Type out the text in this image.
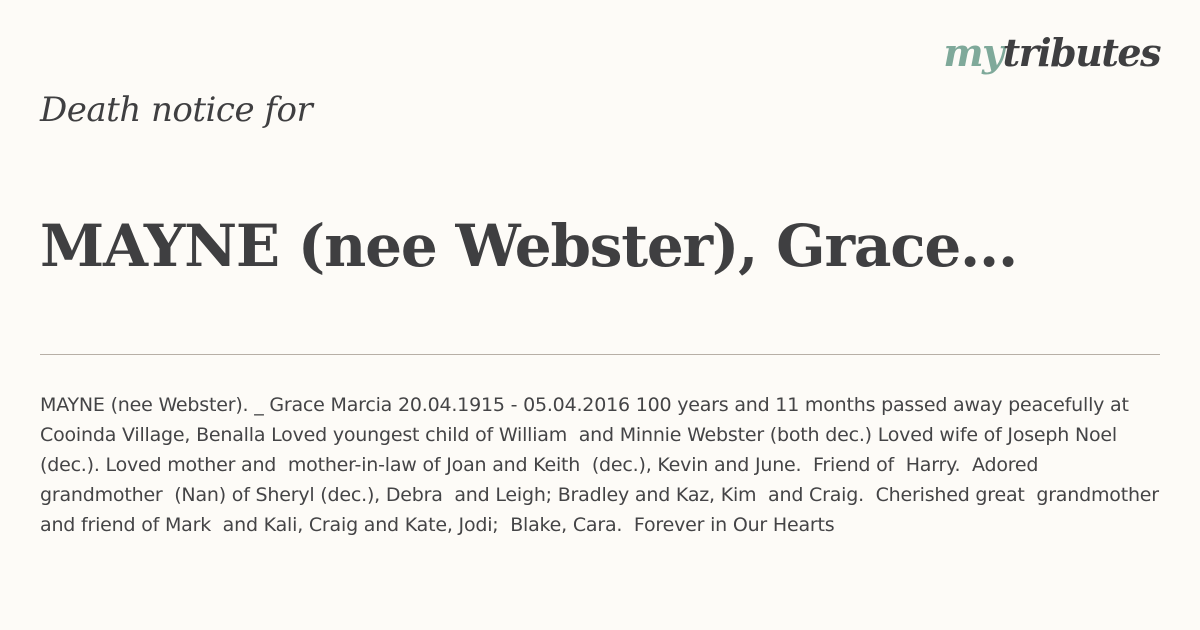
mytributes
Death notice for
MAYNE (nee Webster), Grace...
MAYNE (nee Webster). _ Grace Marcia 20.04.1915 - 05.04.2016 100 years and 11 months passed away peacefully at Cooinda Village, Benalla Loved youngest child of William  and Minnie Webster (both dec.) Loved wife of Joseph Noel  (dec.). Loved mother and  mother-in-law of Joan and Keith  (dec.), Kevin and June.  Friend of  Harry.  Adored grandmother  (Nan) of Sheryl (dec.), Debra  and Leigh; Bradley and Kaz, Kim  and Craig.  Cherished great  grandmother and friend of Mark  and Kali, Craig and Kate, Jodi;  Blake, Cara.  Forever in Our Hearts
